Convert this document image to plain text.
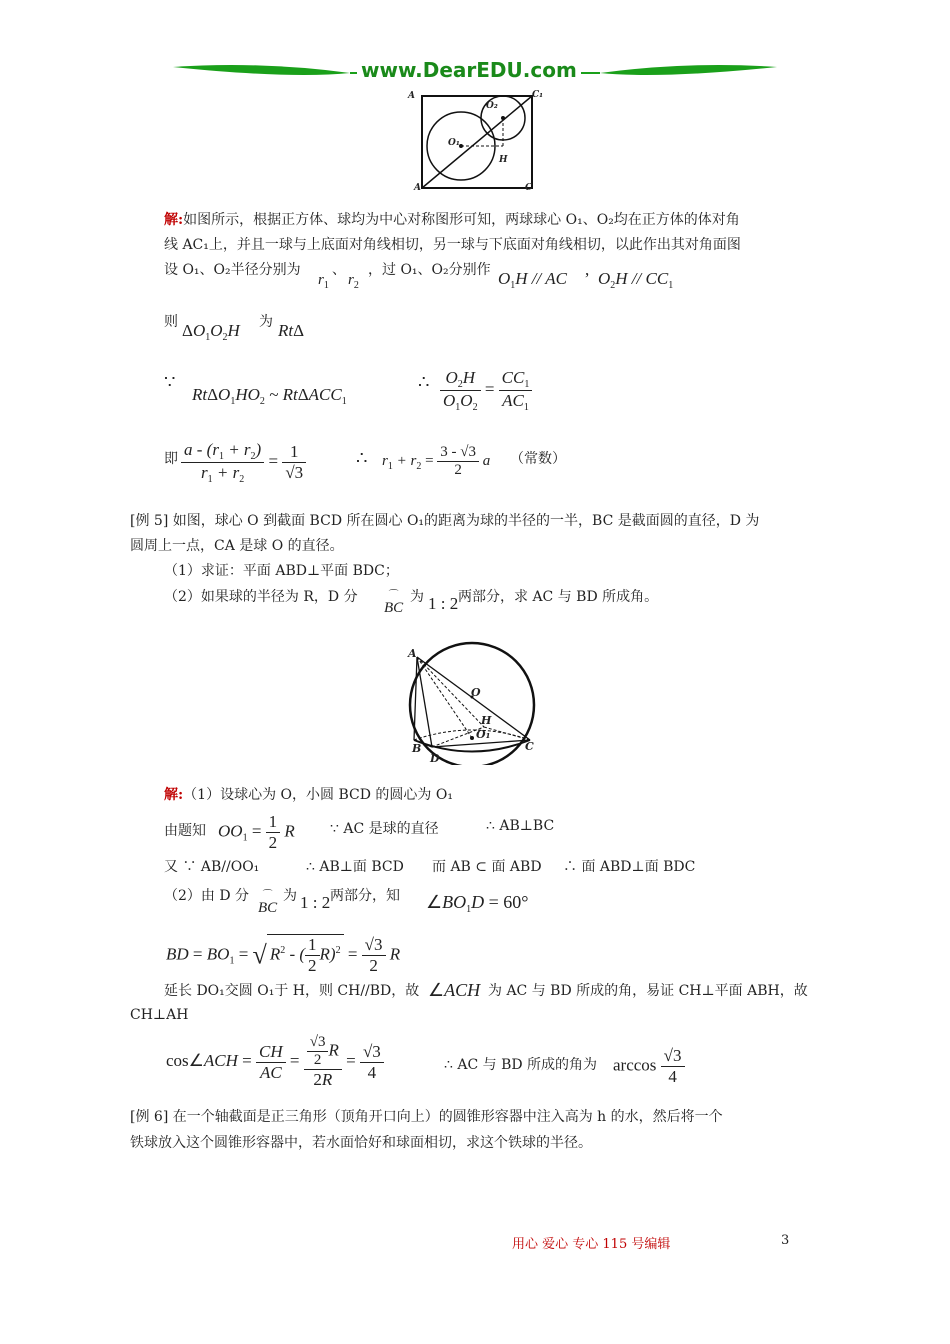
www.DearEDU.com
A	C₁
O₂
O₁
H
A	C
解:如图所示，根据正方体、球均为中心对称图形可知，两球球心 O₁、O₂均在正方体的体对角
线 AC₁上，并且一球与上底面对角线相切，另一球与下底面对角线相切，以此作出其对角面图
设 O₁、O₂半径分别为
$r_1$
、
$r_2$
，过 O₁、O₂分别作 $O_1H$ // AC , $O_2H // CC_1$
则 $\Delta O_1O_2H$ 为 RtΔ
∵
$Rt\Delta O_1HO_2$ ~ RtΔACC$_1$
∴ $\frac{O_2H}{O_1O_2} = \frac{CC_1}{AC_1}$
即 $\frac{a - (r_1 + r_2)}{r_1 + r_2} = \frac{1}{√3}$	∴ $r_1 + r_2 = \frac{3 - √3}{2}$ a （常数）
[例 5] 如图，球心 O 到截面 BCD 所在圆心 O₁的距离为球的半径的一半，BC 是截面圆的直径，D 为
圆周上一点，CA 是球 O 的直径。
（1）求证：平面 ABD⊥平面 BDC；
（2）如果球的半径为 R，D 分
⌒ BC
为 1 : 2 两部分，求 AC 与 BD 所成角。
A
O
H
O₁
B
D
C
解:（1）设球心为 O，小圆 BCD 的圆心为 O₁
由题知 $OO_1 = \frac{1}{2}$ R	∵ AC 是球的直径	∴ AB⊥BC
又 ∵ AB//OO₁	∴ AB⊥面 BCD 而 AB ⊂ 面 ABD ∴ 面 ABD⊥面 BDC
（2）由 D 分
⌒ BC
为 1 : 2 两部分，知 $\angle BO_1D = 60^\circ$
BD = $BO_1$ = √ $R^2$ - ( $\frac{1}{2} R)^2 = \frac{√3}{2}$ R
延长 DO₁交圆 O₁于 H，则 CH//BD，故 ∠ACH 为 AC 与 BD 所成的角，易证 CH⊥平面 ABH，故
CH⊥AH
cos∠ACH = $\frac{CH}{AC} = \frac{\frac{√3}{2} R}{2R} = \frac{√3}{4}$	∴ AC 与 BD 所成的角为 $\arccos \frac{√3}{4}$
[例 6] 在一个轴截面是正三角形（顶角开口向上）的圆锥形容器中注入高为 h 的水，然后将一个
铁球放入这个圆锥形容器中，若水面恰好和球面相切，求这个铁球的半径。
用心 爱心 专心 115 号编辑	3
